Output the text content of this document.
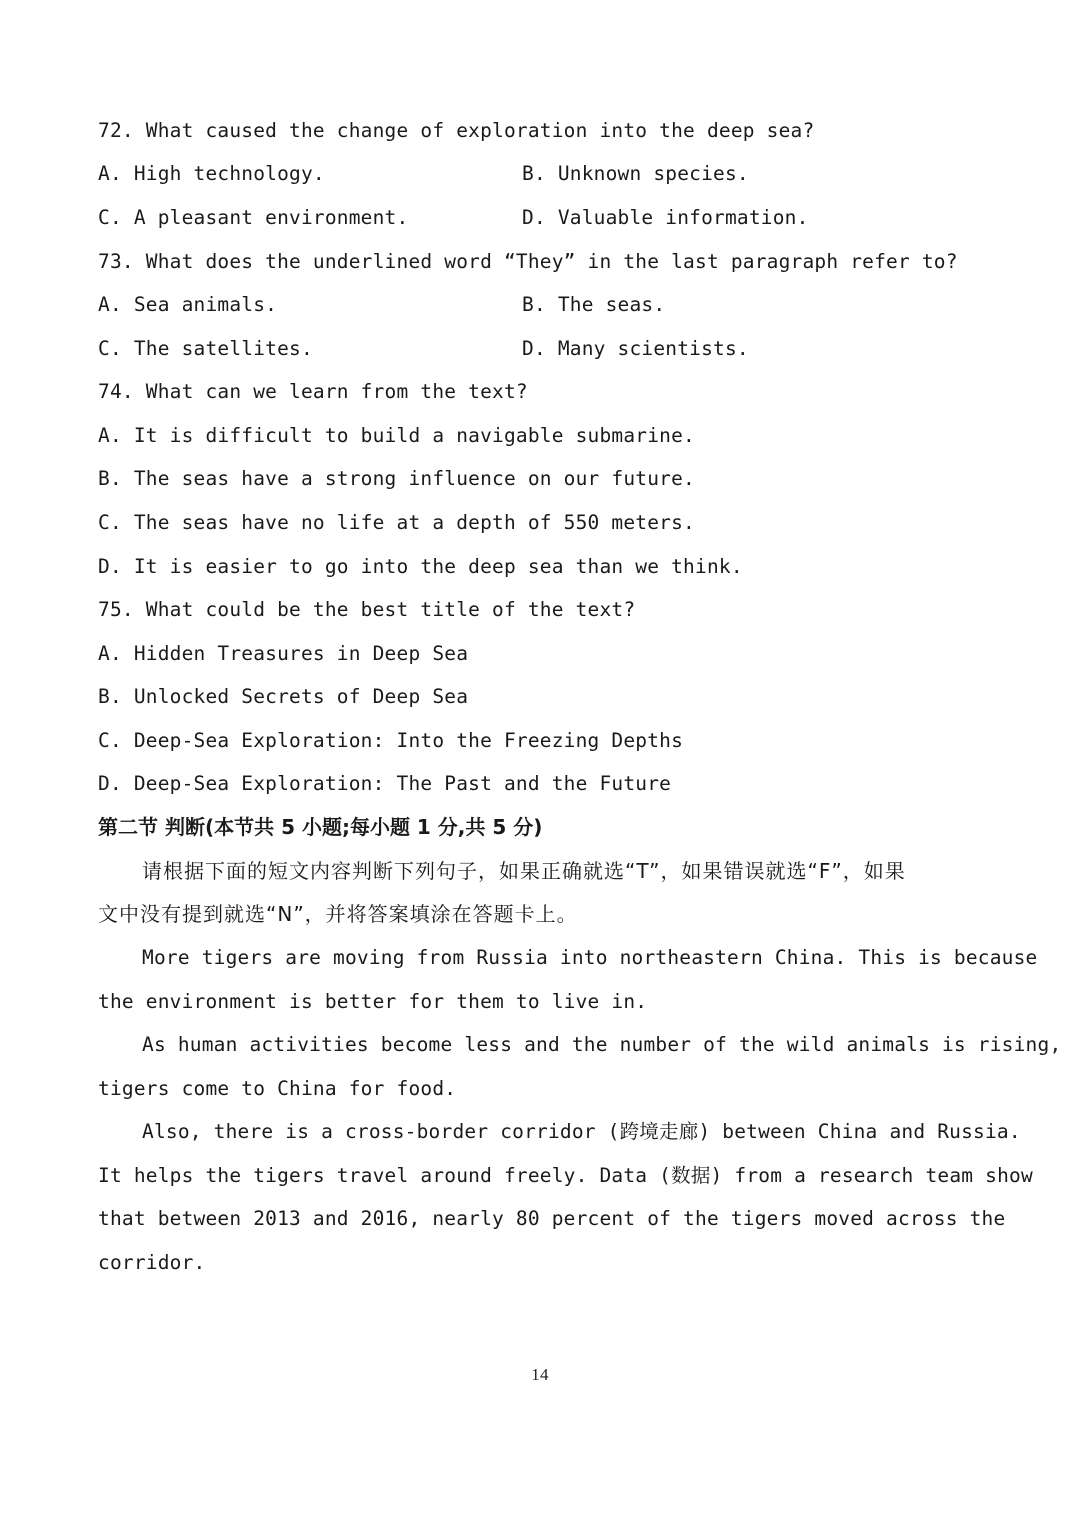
72. What caused the change of exploration into the deep sea?
A. High technology.	B. Unknown species.
C. A pleasant environment.	D. Valuable information.
73. What does the underlined word “They” in the last paragraph refer to?
A. Sea animals.	B. The seas.
C. The satellites.	D. Many scientists.
74. What can we learn from the text?
A. It is difficult to build a navigable submarine.
B. The seas have a strong influence on our future.
C. The seas have no life at a depth of 550 meters.
D. It is easier to go into the deep sea than we think.
75. What could be the best title of the text?
A. Hidden Treasures in Deep Sea
B. Unlocked Secrets of Deep Sea
C. Deep-Sea Exploration: Into the Freezing Depths
D. Deep-Sea Exploration: The Past and the Future
第二节 判断(本节共 5 小题;每小题 1 分,共 5 分)
请根据下面的短文内容判断下列句子，如果正确就选“T”，如果错误就选“F”，如果
文中没有提到就选“N”，并将答案填涂在答题卡上。
More tigers are moving from Russia into northeastern China. This is because
the environment is better for them to live in.
As human activities become less and the number of the wild animals is rising,
tigers come to China for food.
Also, there is a cross-border corridor (跨境走廊) between China and Russia.
It helps the tigers travel around freely. Data (数据) from a research team show
that between 2013 and 2016, nearly 80 percent of the tigers moved across the
corridor.
14
